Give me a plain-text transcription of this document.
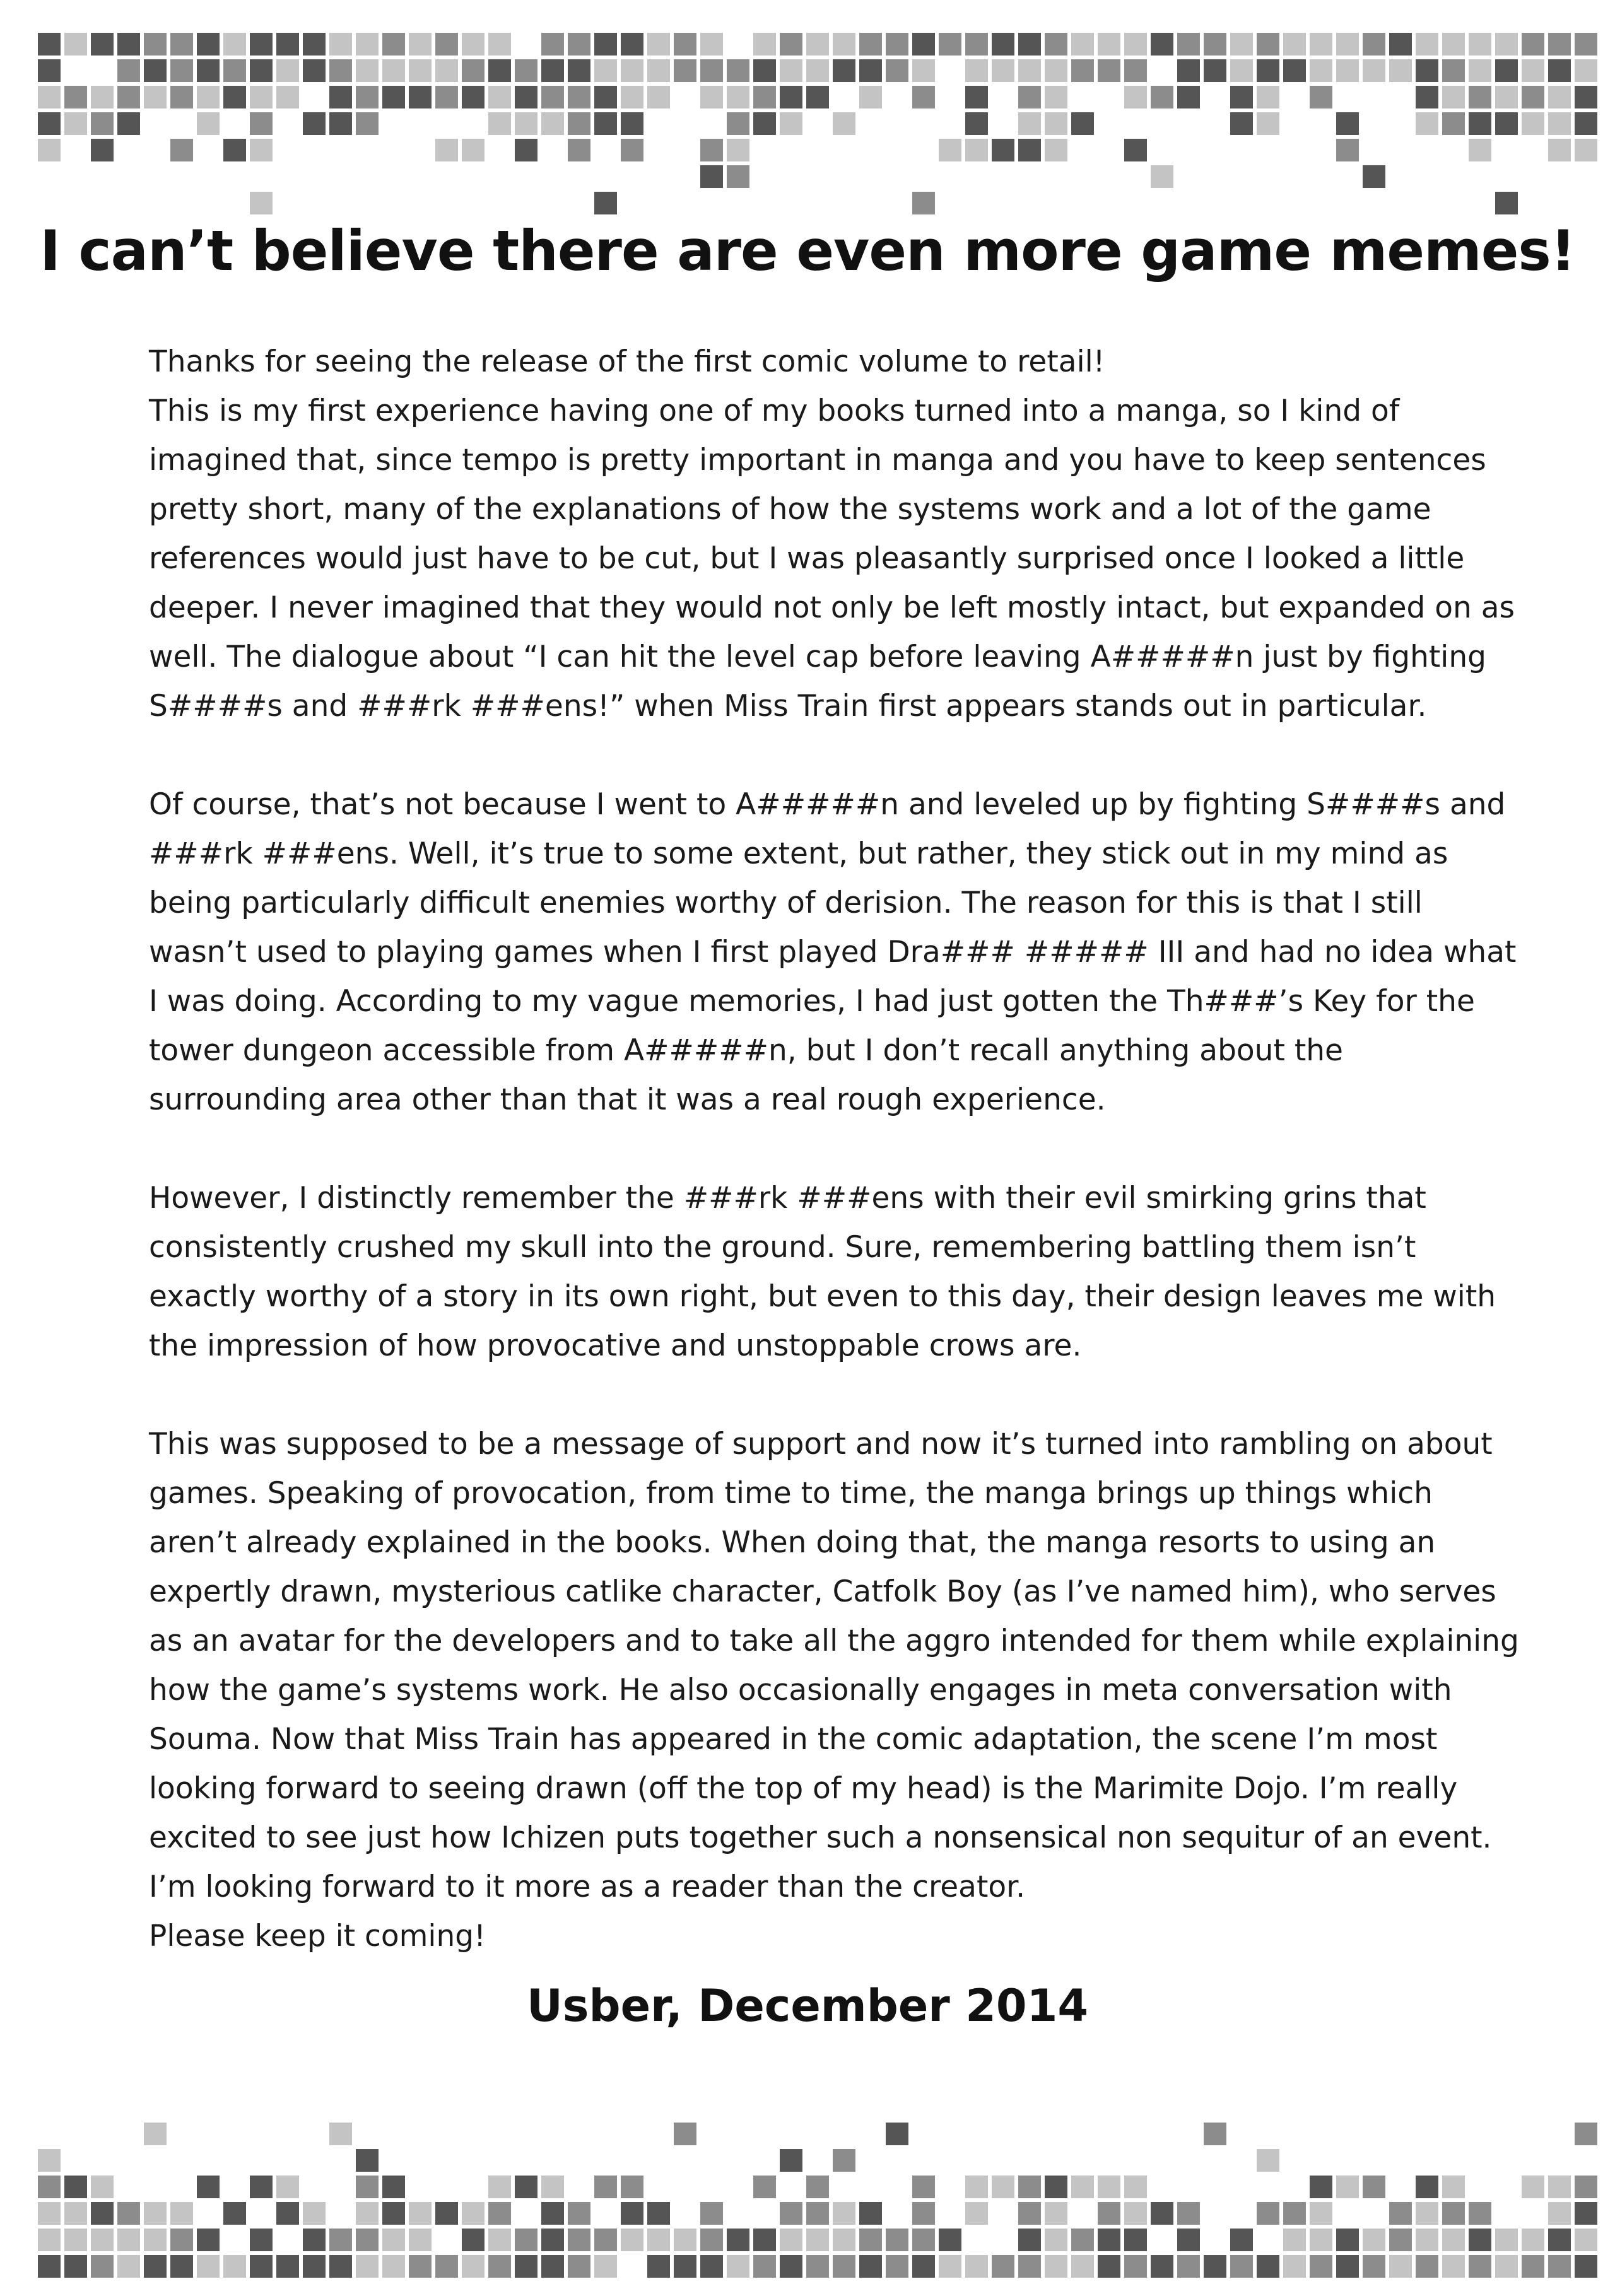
I can’t believe there are even more game memes!

Thanks for seeing the release of the first comic volume to retail!
This is my first experience having one of my books turned into a manga, so I kind of imagined that, since tempo is pretty important in manga and you have to keep sentences pretty short, many of the explanations of how the systems work and a lot of the game references would just have to be cut, but I was pleasantly surprised once I looked a little deeper. I never imagined that they would not only be left mostly intact, but expanded on as well. The dialogue about “I can hit the level cap before leaving A#####n just by fighting S####s and ###rk ###ens!” when Miss Train first appears stands out in particular.

Of course, that’s not because I went to A#####n and leveled up by fighting S####s and ###rk ###ens. Well, it’s true to some extent, but rather, they stick out in my mind as being particularly difficult enemies worthy of derision. The reason for this is that I still wasn’t used to playing games when I first played Dra### ##### III and had no idea what I was doing. According to my vague memories, I had just gotten the Th###’s Key for the tower dungeon accessible from A#####n, but I don’t recall anything about the surrounding area other than that it was a real rough experience.

However, I distinctly remember the ###rk ###ens with their evil smirking grins that consistently crushed my skull into the ground. Sure, remembering battling them isn’t exactly worthy of a story in its own right, but even to this day, their design leaves me with the impression of how provocative and unstoppable crows are.

This was supposed to be a message of support and now it’s turned into rambling on about games. Speaking of provocation, from time to time, the manga brings up things which aren’t already explained in the books. When doing that, the manga resorts to using an expertly drawn, mysterious catlike character, Catfolk Boy (as I’ve named him), who serves as an avatar for the developers and to take all the aggro intended for them while explaining how the game’s systems work. He also occasionally engages in meta conversation with Souma. Now that Miss Train has appeared in the comic adaptation, the scene I’m most looking forward to seeing drawn (off the top of my head) is the Marimite Dojo. I’m really excited to see just how Ichizen puts together such a nonsensical non sequitur of an event. I’m looking forward to it more as a reader than the creator.
Please keep it coming!

Usber, December 2014
